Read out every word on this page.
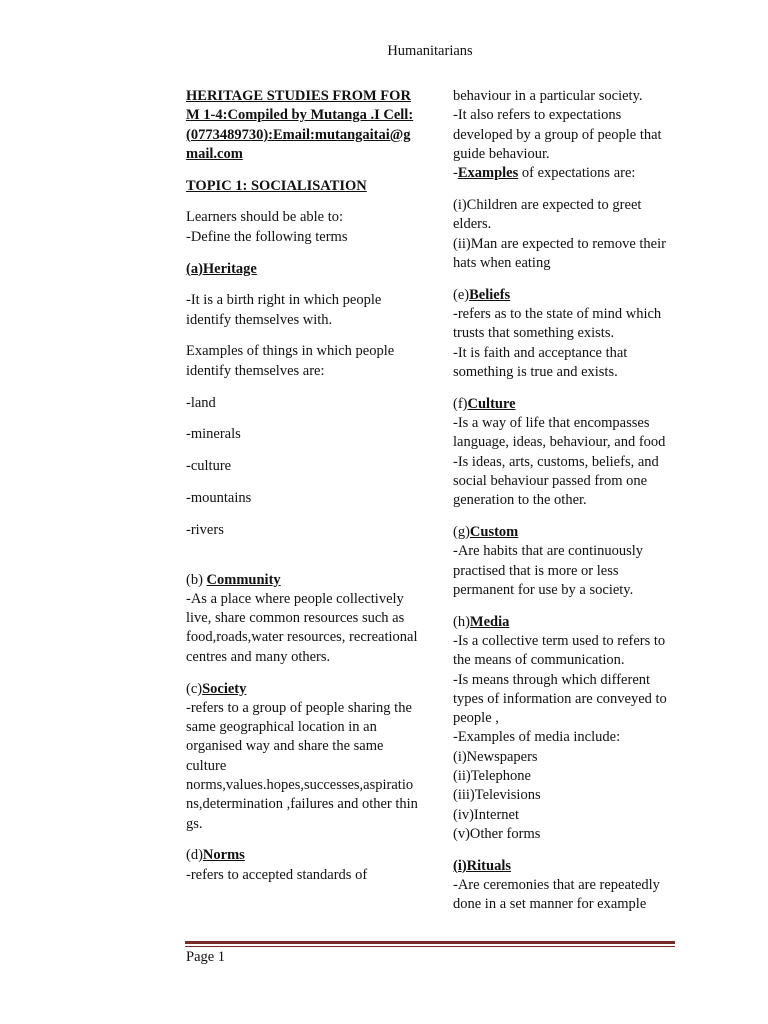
Humanitarians

HERITAGE STUDIES FROM FORM 1-4:Compiled by Mutanga .I Cell: (0773489730):Email:mutangaitai@gmail.com

TOPIC 1: SOCIALISATION

Learners should be able to:
-Define the following terms

(a)Heritage

-It is a birth right in which people identify themselves with.

Examples of things in which people identify themselves are:

-land

-minerals

-culture

-mountains

-rivers

(b) Community
-As a place where people collectively live, share common resources such as food,roads,water resources, recreational centres and many others.

(c)Society
-refers to a group of people sharing the same geographical location in an organised way and share the same culture
norms,values.hopes,successes,aspirations,determination ,failures and other things.

(d)Norms
-refers to accepted standards of

behaviour in a particular society.
-It also refers to expectations developed by a group of people that guide behaviour.
-Examples of expectations are:

(i)Children are expected to greet elders.
(ii)Man are expected to remove their hats when eating

(e)Beliefs
-refers as to the state of mind which trusts that something exists.
-It is faith and acceptance that something is true and exists.

(f)Culture
-Is a way of life that encompasses language, ideas, behaviour, and food
-Is ideas, arts, customs, beliefs, and social behaviour passed from one generation to the other.

(g)Custom
-Are habits that are continuously practised that is more or less permanent for use by a society.

(h)Media
-Is a collective term used to refers to the means of communication.
-Is means through which different types of information are conveyed to people ,
-Examples of media include:
(i)Newspapers
(ii)Telephone
(iii)Televisions
(iv)Internet
(v)Other forms

(i)Rituals
-Are ceremonies that are repeatedly done in a set manner for example

Page 1
